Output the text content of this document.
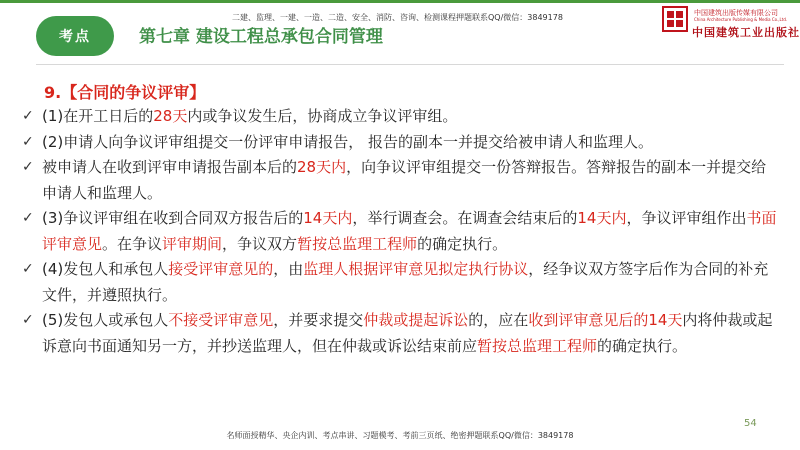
考点	第七章 建设工程总承包合同管理
二建、监理、一建、一造、二造、安全、消防、咨询、检测课程押题联系QQ/微信：3849178	中国建筑出版传媒有限公司
China Architecture Publishing & Media Co.,Ltd.
中国建筑工业出版社
9.【合同的争议评审】
✓ (1)在开工日后的28天内或争议发生后，协商成立争议评审组。
✓ (2)申请人向争议评审组提交一份评审申请报告， 报告的副本一并提交给被申请人和监理人。
✓ 被申请人在收到评审申请报告副本后的28天内，向争议评审组提交一份答辩报告。答辩报告的副本一并提交给申请人和监理人。
✓ (3)争议评审组在收到合同双方报告后的14天内，举行调查会。在调查会结束后的14天内，争议评审组作出书面评审意见。在争议评审期间，争议双方暂按总监理工程师的确定执行。
✓ (4)发包人和承包人接受评审意见的，由监理人根据评审意见拟定执行协议，经争议双方签字后作为合同的补充文件，并遵照执行。
✓ (5)发包人或承包人不接受评审意见，并要求提交仲裁或提起诉讼的，应在收到评审意见后的14天内将仲裁或起诉意向书面通知另一方，并抄送监理人，但在仲裁或诉讼结束前应暂按总监理工程师的确定执行。
54
名师面授精华、央企内训、考点串讲、习题模考、考前三页纸、绝密押题联系QQ/微信：3849178
